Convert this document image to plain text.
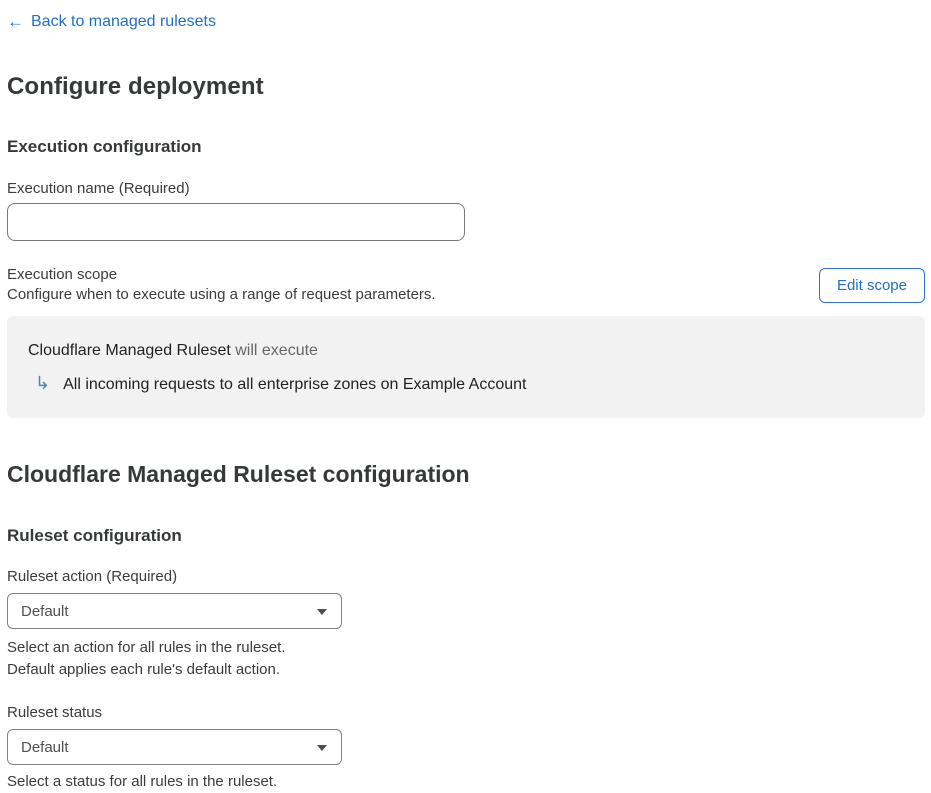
← Back to managed rulesets
Configure deployment
Execution configuration
Execution name (Required)
Execution scope
Configure when to execute using a range of request parameters.
Edit scope
Cloudflare Managed Ruleset will execute
↳ All incoming requests to all enterprise zones on Example Account
Cloudflare Managed Ruleset configuration
Ruleset configuration
Ruleset action (Required)
Default
Select an action for all rules in the ruleset.
Default applies each rule's default action.
Ruleset status
Default
Select a status for all rules in the ruleset.
